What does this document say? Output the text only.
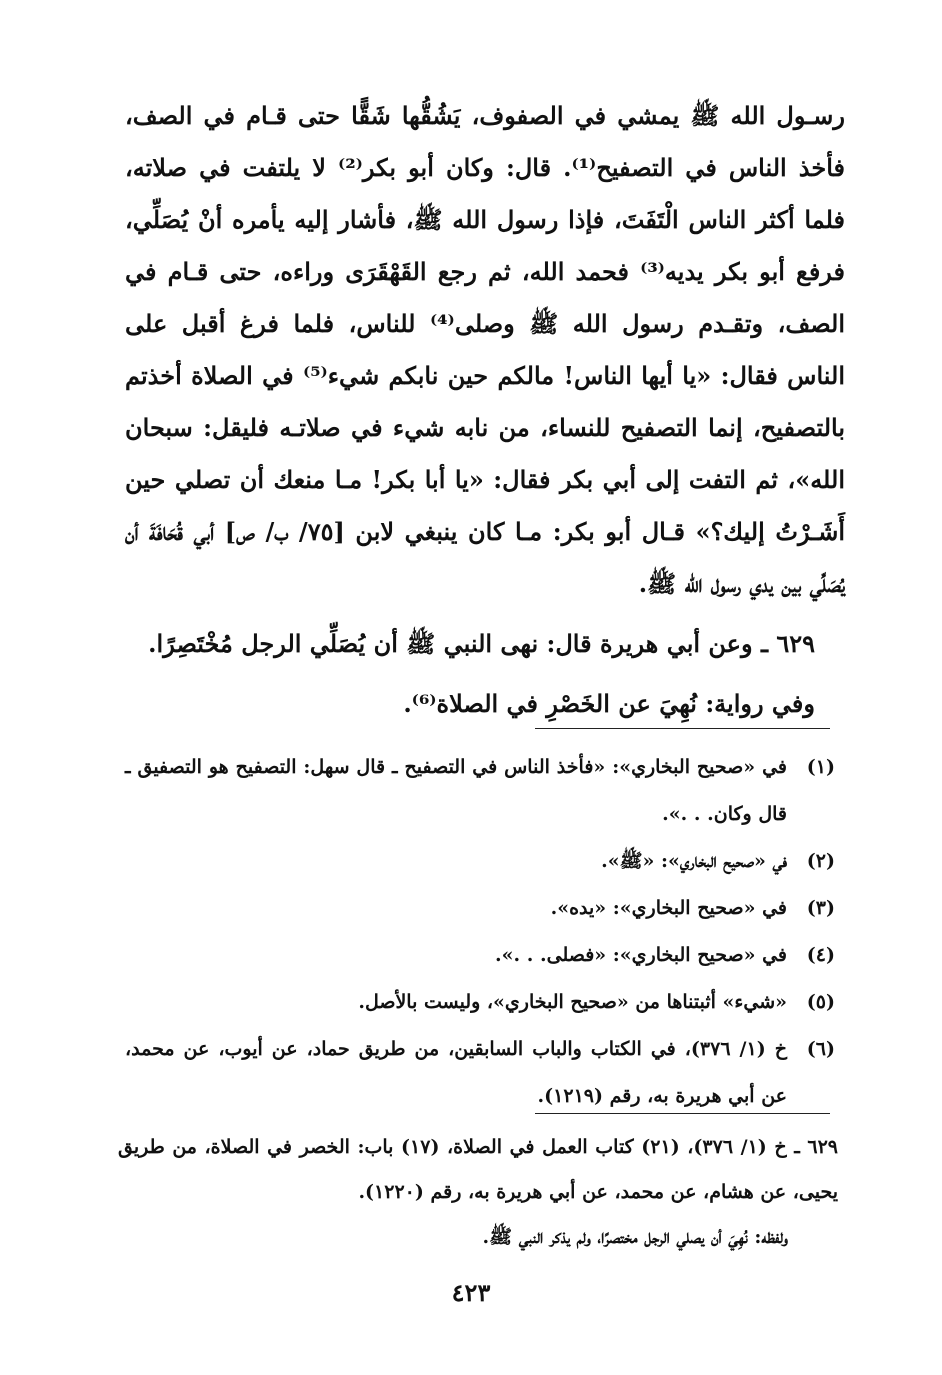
رسـول الله ﷺ يمشي في الصفوف، يَشُقُّها شَقًّا حتى قـام في الصف، فأخذ الناس في التصفيح⁽¹⁾. قال: وكان أبو بكر⁽²⁾ لا يلتفت في صلاته، فلما أكثر الناس الْتَفَتَ، فإذا رسول الله ﷺ، فأشار إليه يأمره أنْ يُصَلِّي، فرفع أبو بكر يديه⁽³⁾ فحمد الله، ثم رجع القَهْقَرَى وراءه، حتى قـام في الصف، وتقـدم رسول الله ﷺ وصلى⁽⁴⁾ للناس، فلما فرغ أقبل على الناس فقال: «يا أيها الناس! مالكم حين نابكم شيء⁽⁵⁾ في الصلاة أخذتم بالتصفيح، إنما التصفيح للنساء، من نابه شيء في صلاتـه فليقل: سبحان الله»، ثم التفت إلى أبي بكر فقال: «يا أبا بكر! مـا منعك أن تصلي حين أَشَـرْتُ إليك؟» قـال أبو بكر: مـا كان ينبغي لابن [٧٥/ ب/ ص] أبي قُحَافَةَ أن يُصَلِّي بين يدي رسول الله ﷺ.

٦٢٩ ـ وعن أبي هريرة قال: نهى النبي ﷺ أن يُصَلِّي الرجل مُخْتَصِرًا.

وفي رواية: نُهِيَ عن الخَصْرِ في الصلاة⁽⁶⁾.

(١)في «صحيح البخاري»: «فأخذ الناس في التصفيح ـ قال سهل: التصفيح هو التصفيق ـ قال وكان. . .».

(٢)في «صحيح البخاري»: «ﷺ».

(٣)في «صحيح البخاري»: «يده».

(٤)في «صحيح البخاري»: «فصلى. . .».

(٥)«شيء» أثبتناها من «صحيح البخاري»، وليست بالأصل.

(٦)خ (١/ ٣٧٦)، في الكتاب والباب السابقين، من طريق حماد، عن أيوب، عن محمد، عن أبي هريرة به، رقم (١٢١٩).

٦٢٩ ـ خ (١/ ٣٧٦)، (٢١) كتاب العمل في الصلاة، (١٧) باب: الخصر في الصلاة، من طريق يحيى، عن هشام، عن محمد، عن أبي هريرة به، رقم (١٢٢٠).

ولفظه: نُهِيَ أن يصلي الرجل مختصرًا، ولم يذكر النبي ﷺ.

٤٢٣
